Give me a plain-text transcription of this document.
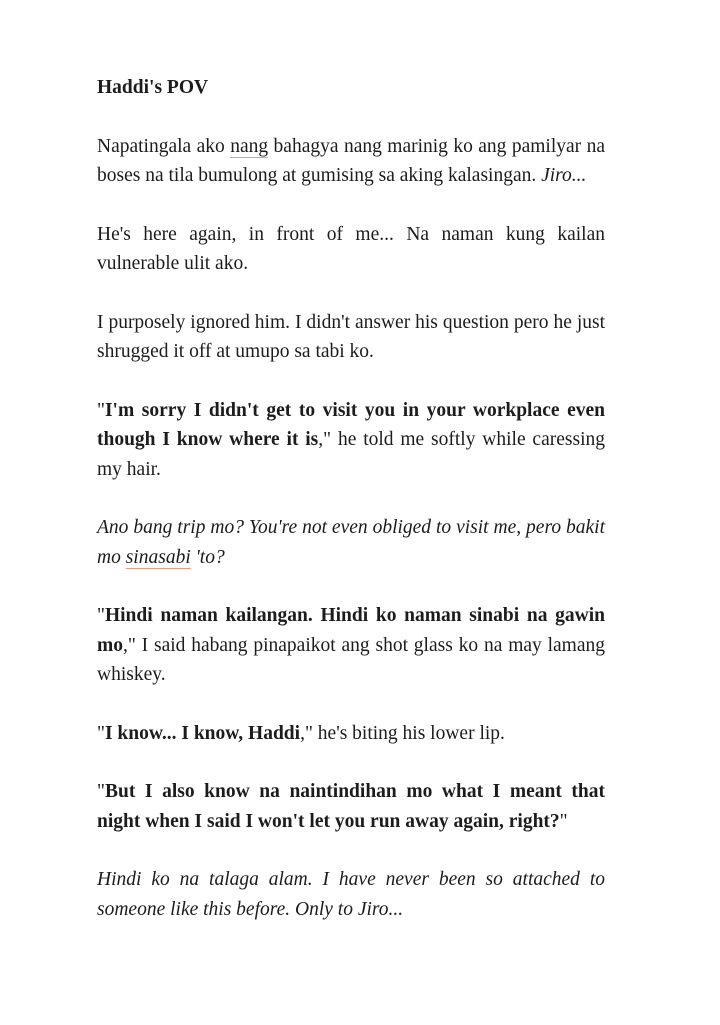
Haddi's POV

Napatingala ako nang bahagya nang marinig ko ang pamilyar na boses na tila bumulong at gumising sa aking kalasingan. Jiro...

He's here again, in front of me... Na naman kung kailan vulnerable ulit ako.

I purposely ignored him. I didn't answer his question pero he just shrugged it off at umupo sa tabi ko.

"I'm sorry I didn't get to visit you in your workplace even though I know where it is," he told me softly while caressing my hair.

Ano bang trip mo? You're not even obliged to visit me, pero bakit mo sinasabi 'to?

"Hindi naman kailangan. Hindi ko naman sinabi na gawin mo," I said habang pinapaikot ang shot glass ko na may lamang whiskey.

"I know... I know, Haddi," he's biting his lower lip.

"But I also know na naintindihan mo what I meant that night when I said I won't let you run away again, right?"

Hindi ko na talaga alam. I have never been so attached to someone like this before. Only to Jiro...
